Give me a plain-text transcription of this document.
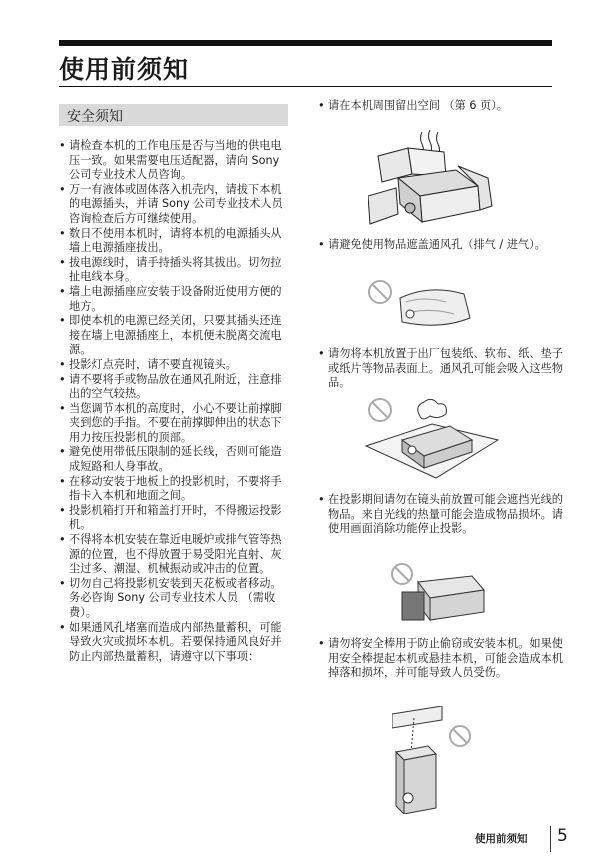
使用前须知
安全须知
• 请检查本机的工作电压是否与当地的供电电压一致。如果需要电压适配器，请向 Sony 公司专业技术人员咨询。
• 万一有液体或固体落入机壳内，请拔下本机的电源插头，并请 Sony 公司专业技术人员咨询检查后方可继续使用。
• 数日不使用本机时，请将本机的电源插头从墙上电源插座拔出。
• 拔电源线时，请手持插头将其拔出。切勿拉扯电线本身。
• 墙上电源插座应安装于设备附近使用方便的地方。
• 即使本机的电源已经关闭，只要其插头还连接在墙上电源插座上，本机便未脱离交流电源。
• 投影灯点亮时，请不要直视镜头。
• 请不要将手或物品放在通风孔附近，注意排出的空气较热。
• 当您调节本机的高度时，小心不要让前撑脚夹到您的手指。不要在前撑脚伸出的状态下用力按压投影机的顶部。
• 避免使用带低压限制的延长线，否则可能造成短路和人身事故。
• 在移动安装于地板上的投影机时，不要将手指卡入本机和地面之间。
• 投影机箱打开和箱盖打开时，不得搬运投影机。
• 不得将本机安装在靠近电暖炉或排气管等热源的位置，也不得放置于易受阳光直射、灰尘过多、潮湿、机械振动或冲击的位置。
• 切勿自己将投影机安装到天花板或者移动。务必咨询 Sony 公司专业技术人员 （需收费）。
• 如果通风孔堵塞而造成内部热量蓄积，可能导致火灾或损坏本机。若要保持通风良好并防止内部热量蓄积，请遵守以下事项：
• 请在本机周围留出空间 （第 6 页）。
• 请避免使用物品遮盖通风孔（排气 / 进气）。
• 请勿将本机放置于出厂包装纸、软布、纸、垫子或纸片等物品表面上。通风孔可能会吸入这些物品。
• 在投影期间请勿在镜头前放置可能会遮挡光线的物品。来自光线的热量可能会造成物品损坏。请使用画面消除功能停止投影。
• 请勿将安全棒用于防止偷窃或安装本机。如果使用安全棒提起本机或悬挂本机，可能会造成本机掉落和损坏，并可能导致人员受伤。
使用前须知 5
